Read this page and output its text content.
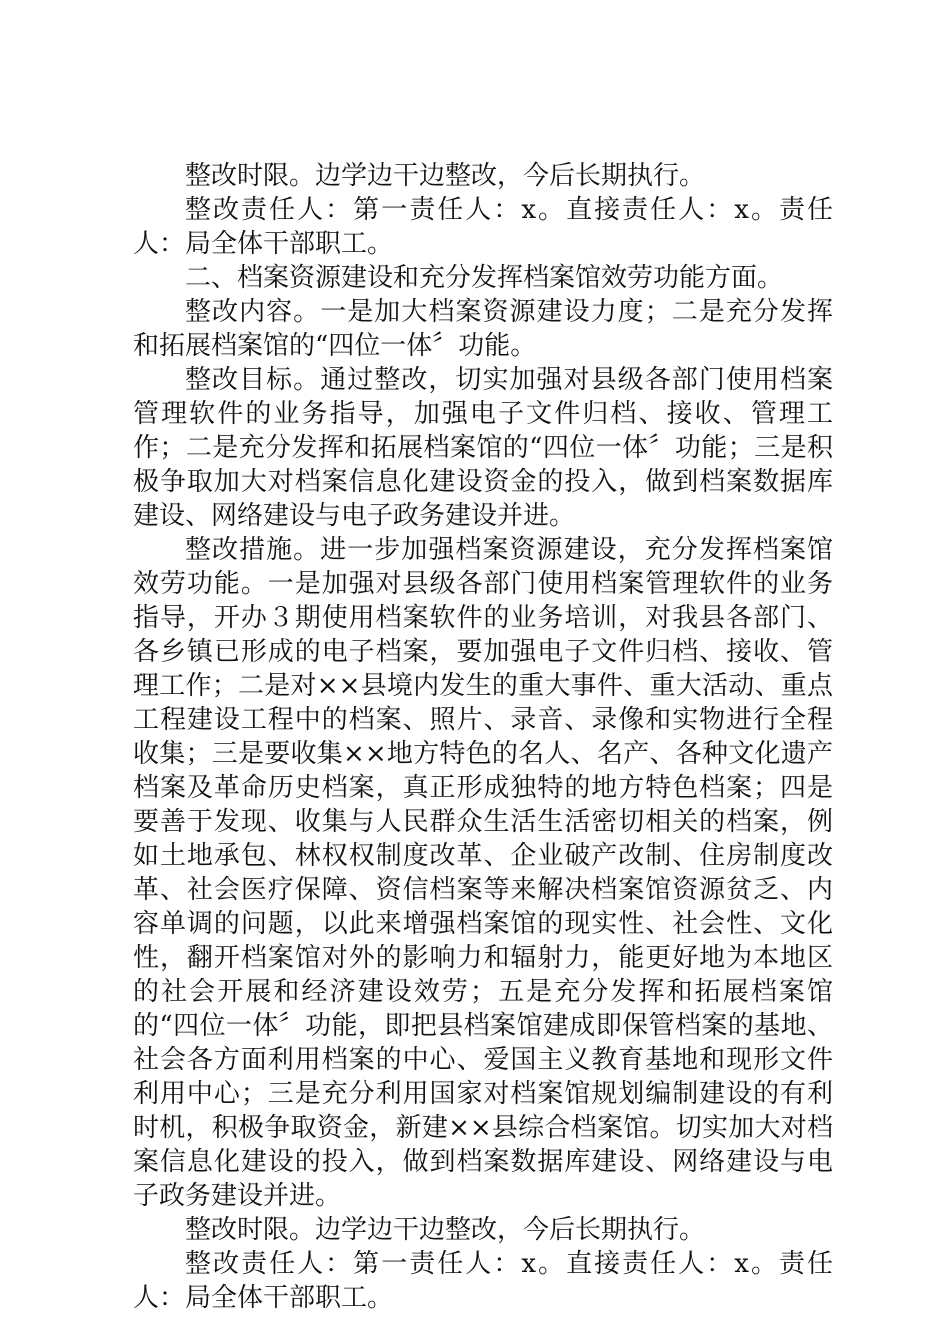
整改时限。边学边干边整改，今后长期执行。

整改责任人：第一责任人：x。直接责任人：x。责任人：局全体干部职工。

二、档案资源建设和充分发挥档案馆效劳功能方面。

整改内容。一是加大档案资源建设力度；二是充分发挥和拓展档案馆的“四位一体〞功能。

整改目标。通过整改，切实加强对县级各部门使用档案管理软件的业务指导，加强电子文件归档、接收、管理工作；二是充分发挥和拓展档案馆的“四位一体〞功能；三是积极争取加大对档案信息化建设资金的投入，做到档案数据库建设、网络建设与电子政务建设并进。

整改措施。进一步加强档案资源建设，充分发挥档案馆效劳功能。一是加强对县级各部门使用档案管理软件的业务指导，开办３期使用档案软件的业务培训，对我县各部门、各乡镇已形成的电子档案，要加强电子文件归档、接收、管理工作；二是对××县境内发生的重大事件、重大活动、重点工程建设工程中的档案、照片、录音、录像和实物进行全程收集；三是要收集××地方特色的名人、名产、各种文化遗产档案及革命历史档案，真正形成独特的地方特色档案；四是要善于发现、收集与人民群众生活生活密切相关的档案，例如土地承包、林权权制度改革、企业破产改制、住房制度改革、社会医疗保障、资信档案等来解决档案馆资源贫乏、内容单调的问题，以此来增强档案馆的现实性、社会性、文化性，翻开档案馆对外的影响力和辐射力，能更好地为本地区的社会开展和经济建设效劳；五是充分发挥和拓展档案馆的“四位一体〞功能，即把县档案馆建成即保管档案的基地、社会各方面利用档案的中心、爱国主义教育基地和现形文件利用中心；三是充分利用国家对档案馆规划编制建设的有利时机，积极争取资金，新建××县综合档案馆。切实加大对档案信息化建设的投入，做到档案数据库建设、网络建设与电子政务建设并进。

整改时限。边学边干边整改，今后长期执行。

整改责任人：第一责任人：x。直接责任人：x。责任人：局全体干部职工。
